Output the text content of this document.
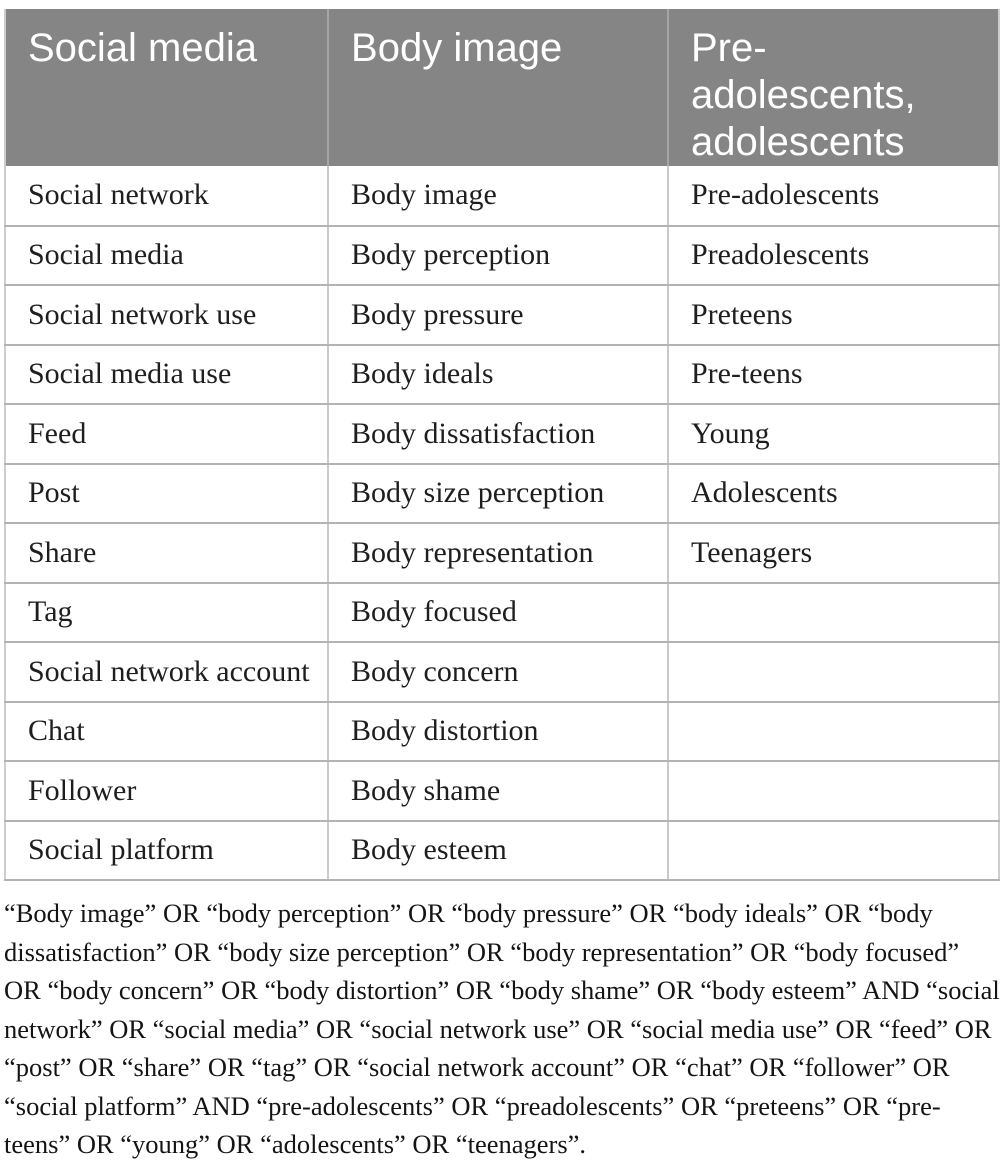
Social media	Body image	Pre-adolescents, adolescents
Social network	Body image	Pre-adolescents
Social media	Body perception	Preadolescents
Social network use	Body pressure	Preteens
Social media use	Body ideals	Pre-teens
Feed	Body dissatisfaction	Young
Post	Body size perception	Adolescents
Share	Body representation	Teenagers
Tag	Body focused	
Social network account	Body concern	
Chat	Body distortion	
Follower	Body shame	
Social platform	Body esteem	
“Body image” OR “body perception” OR “body pressure” OR “body ideals” OR “body dissatisfaction” OR “body size perception” OR “body representation” OR “body focused” OR “body concern” OR “body distortion” OR “body shame” OR “body esteem” AND “social network” OR “social media” OR “social network use” OR “social media use” OR “feed” OR “post” OR “share” OR “tag” OR “social network account” OR “chat” OR “follower” OR “social platform” AND “pre-adolescents” OR “preadolescents” OR “preteens” OR “pre-teens” OR “young” OR “adolescents” OR “teenagers”.
